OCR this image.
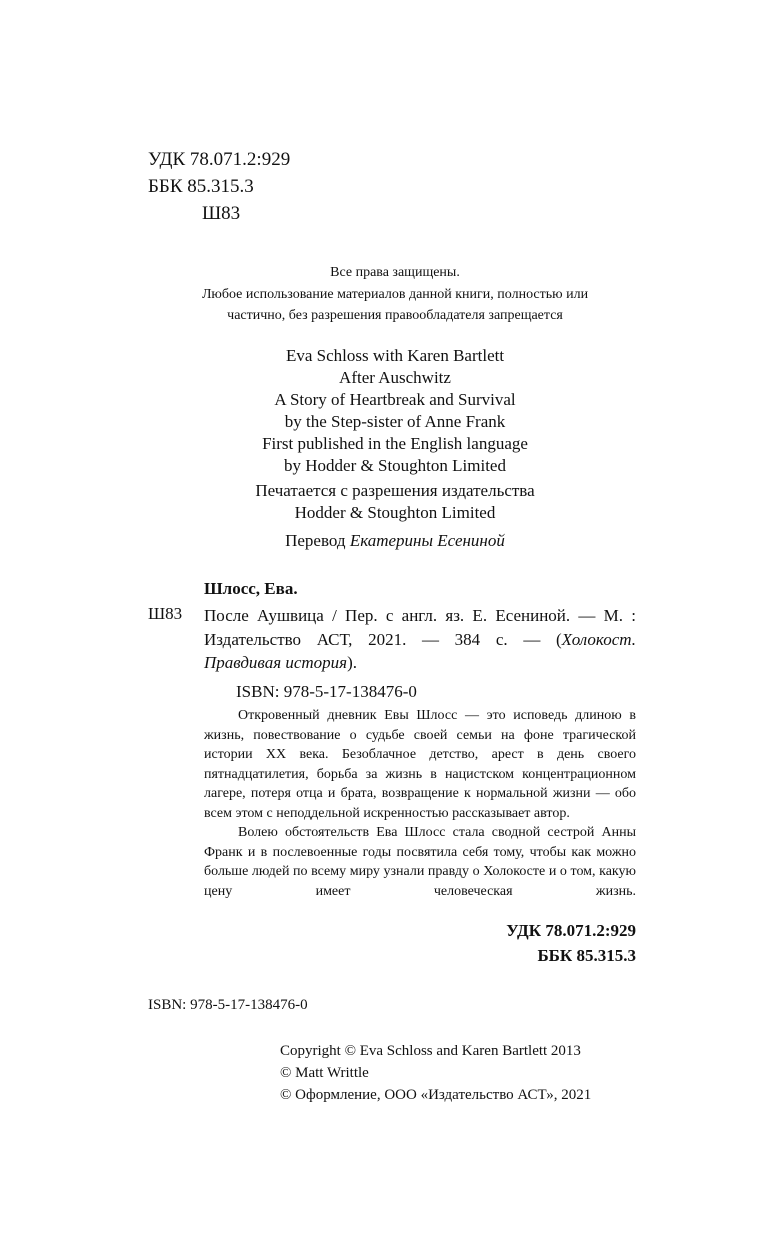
УДК 78.071.2:929
ББК 85.315.3
Ш83
Все права защищены.
Любое использование материалов данной книги, полностью или
частично, без разрешения правообладателя запрещается
Eva Schloss with Karen Bartlett
After Auschwitz
A Story of Heartbreak and Survival
by the Step-sister of Anne Frank
First published in the English language
by Hodder & Stoughton Limited
Печатается с разрешения издательства
Hodder & Stoughton Limited
Перевод Екатерины Есениной
Шлосс, Ева.
Ш83 После Аушвица / Пер. с англ. яз. Е. Есениной. — М. : Издательство АСТ, 2021. — 384 с. — (Холокост. Правдивая история).
ISBN: 978-5-17-138476-0

Откровенный дневник Евы Шлосс — это исповедь длиною в жизнь, повествование о судьбе своей семьи на фоне трагической истории XX века. Безоблачное детство, арест в день своего пятнадцатилетия, борьба за жизнь в нацистском концентрационном лагере, потеря отца и брата, возвращение к нормальной жизни — обо всем этом с неподдельной искренностью рассказывает автор.

Волею обстоятельств Ева Шлосс стала сводной сестрой Анны Франк и в послевоенные годы посвятила себя тому, чтобы как можно больше людей по всему миру узнали правду о Холокосте и о том, какую цену имеет человеческая жизнь.

УДК 78.071.2:929
ББК 85.315.3
ISBN: 978-5-17-138476-0
Copyright © Eva Schloss and Karen Bartlett 2013
© Matt Writtle
© Оформление, ООО «Издательство АСТ», 2021
